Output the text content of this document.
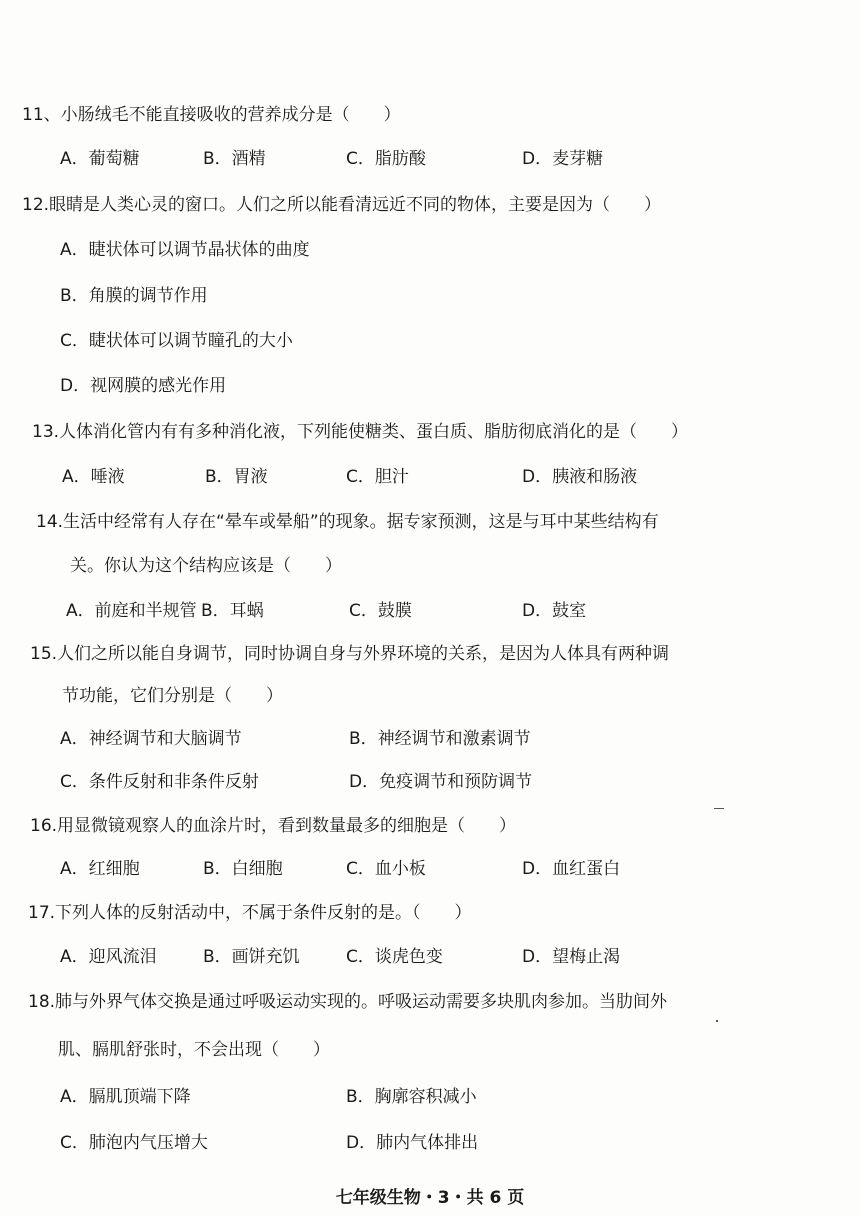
11、小肠绒毛不能直接吸收的营养成分是（　　）
A．葡萄糖	B．酒精	C．脂肪酸	D．麦芽糖
12.眼睛是人类心灵的窗口。人们之所以能看清远近不同的物体，主要是因为（　　）
A．睫状体可以调节晶状体的曲度
B．角膜的调节作用
C．睫状体可以调节瞳孔的大小
D．视网膜的感光作用
13.人体消化管内有有多种消化液，下列能使糖类、蛋白质、脂肪彻底消化的是（　　）
A．唾液	B．胃液	C．胆汁	D．胰液和肠液
14.生活中经常有人存在“晕车或晕船”的现象。据专家预测，这是与耳中某些结构有
关。你认为这个结构应该是（　　）
A．前庭和半规管 B．耳蜗	C．鼓膜	D．鼓室
15.人们之所以能自身调节，同时协调自身与外界环境的关系，是因为人体具有两种调
节功能，它们分别是（　　）
A．神经调节和大脑调节	B．神经调节和激素调节
C．条件反射和非条件反射	D．免疫调节和预防调节
16.用显微镜观察人的血涂片时，看到数量最多的细胞是（　　）
A．红细胞	B．白细胞	C．血小板	D．血红蛋白
17.下列人体的反射活动中，不属于条件反射的是。（　　）
A．迎风流泪	B．画饼充饥	C．谈虎色变	D．望梅止渴
18.肺与外界气体交换是通过呼吸运动实现的。呼吸运动需要多块肌肉参加。当肋间外
肌、膈肌舒张时，不会出现（　　）
A．膈肌顶端下降	B．胸廓容积减小
C．肺泡内气压增大	D．肺内气体排出
七年级生物・3・共 6 页
